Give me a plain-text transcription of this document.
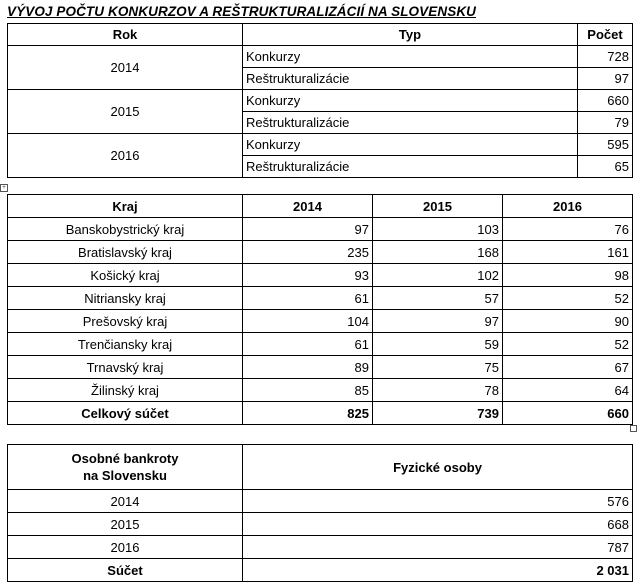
VÝVOJ POČTU KONKURZOV A REŠTRUKTURALIZÁCIÍ NA SLOVENSKU
Rok	Typ	Počet
2014	Konkurzy	728
	Reštrukturalizácie	97
2015	Konkurzy	660
	Reštrukturalizácie	79
2016	Konkurzy	595
	Reštrukturalizácie	65
+
Kraj	2014	2015	2016
Banskobystrický kraj	97	103	76
Bratislavský kraj	235	168	161
Košický kraj	93	102	98
Nitriansky kraj	61	57	52
Prešovský kraj	104	97	90
Trenčiansky kraj	61	59	52
Trnavský kraj	89	75	67
Žilinský kraj	85	78	64
Celkový súčet	825	739	660
Osobné bankroty
na Slovensku	Fyzické osoby
2014	576
2015	668
2016	787
Súčet	2 031
